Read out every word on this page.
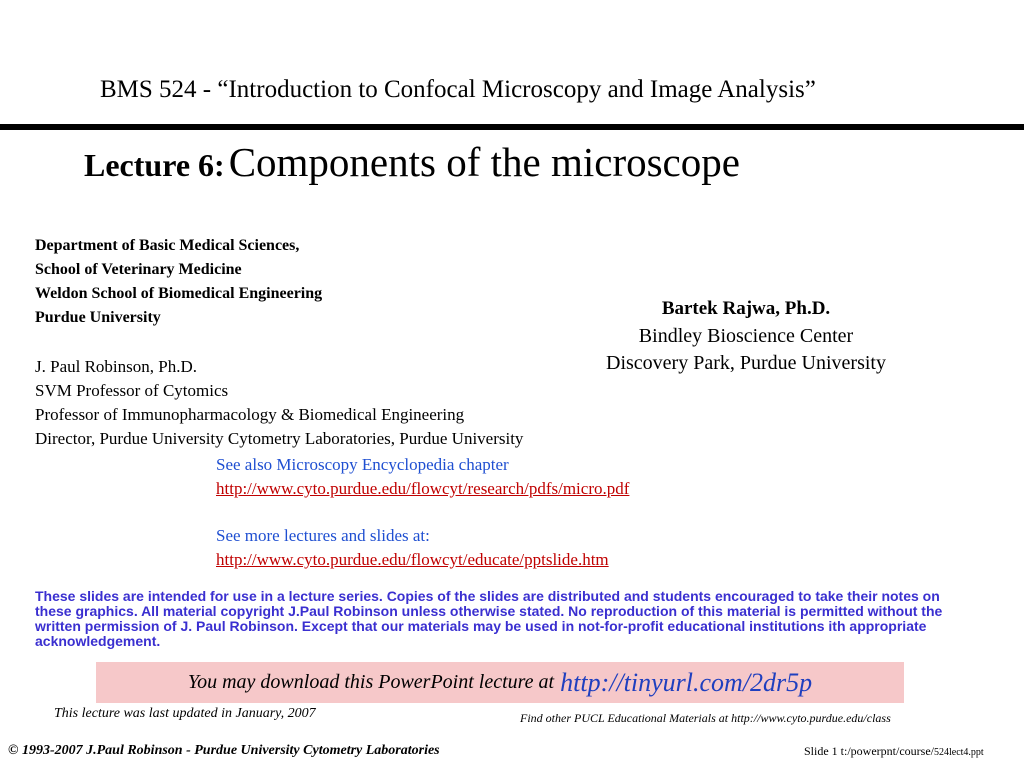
BMS 524 - “Introduction to Confocal Microscopy and Image Analysis”
Lecture 6: Components of the microscope
Department of Basic Medical Sciences,
School of Veterinary Medicine
Weldon School of Biomedical Engineering
Purdue University
J. Paul Robinson, Ph.D.
SVM Professor of Cytomics
Professor of Immunopharmacology & Biomedical Engineering
Director, Purdue University Cytometry Laboratories, Purdue University
Bartek Rajwa, Ph.D.
Bindley Bioscience Center
Discovery Park, Purdue University
See also Microscopy Encyclopedia chapter
http://www.cyto.purdue.edu/flowcyt/research/pdfs/micro.pdf
See more lectures and slides at:
http://www.cyto.purdue.edu/flowcyt/educate/pptslide.htm
These slides are intended for use in a lecture series. Copies of the slides are distributed and students encouraged to take their notes on these graphics. All material copyright J.Paul Robinson unless otherwise stated. No reproduction of this material is permitted without the written permission of J. Paul Robinson. Except that our materials may be used in not-for-profit educational institutions ith appropriate acknowledgement.
You may download this PowerPoint lecture at http://tinyurl.com/2dr5p
This lecture was last updated in January, 2007	Find other PUCL Educational Materials at http://www.cyto.purdue.edu/class
© 1993-2007 J.Paul Robinson - Purdue University Cytometry Laboratories	Slide 1 t:/powerpnt/course/524lect4.ppt
